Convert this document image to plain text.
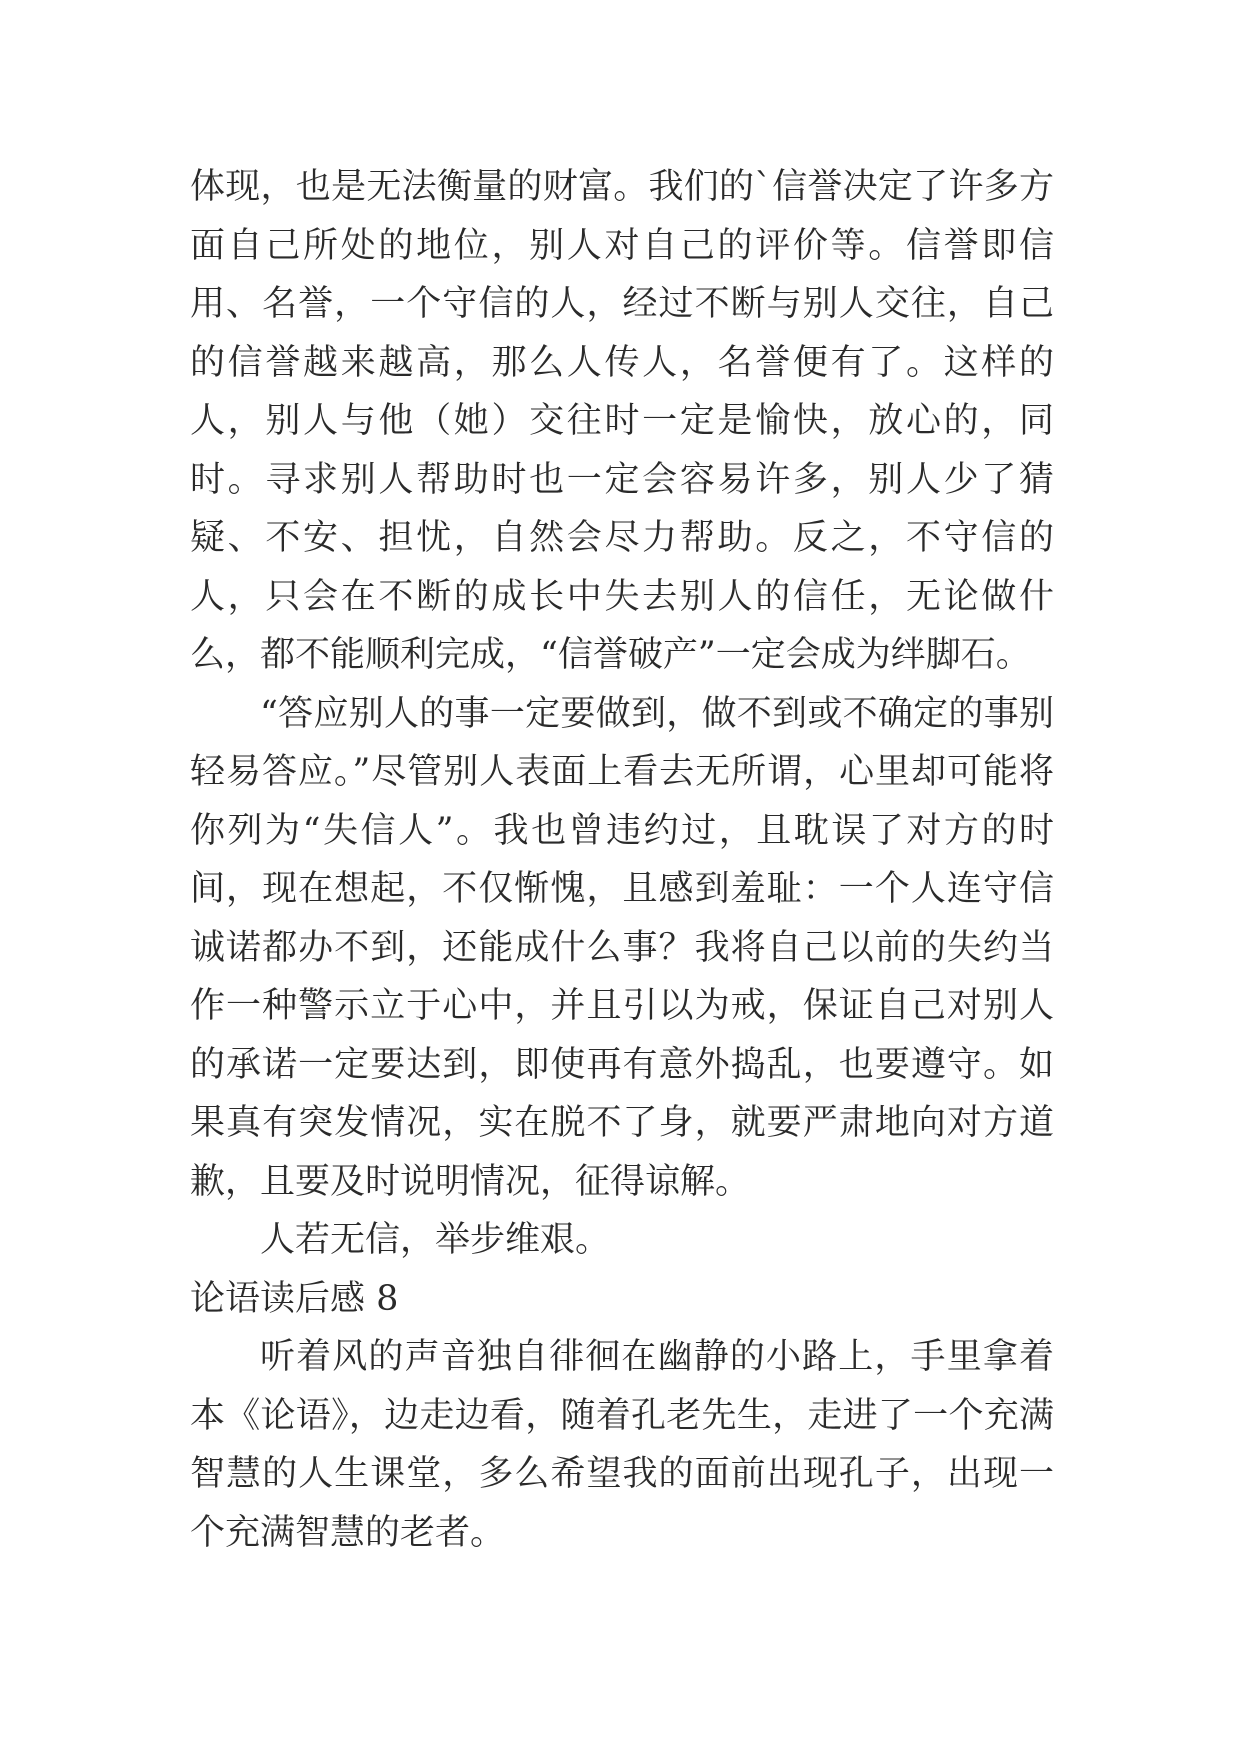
体现，也是无法衡量的财富。我们的`信誉决定了许多方面自己所处的地位，别人对自己的评价等。信誉即信用、名誉，一个守信的人，经过不断与别人交往，自己的信誉越来越高，那么人传人，名誉便有了。这样的人，别人与他（她）交往时一定是愉快，放心的，同时。寻求别人帮助时也一定会容易许多，别人少了猜疑、不安、担忧，自然会尽力帮助。反之，不守信的人，只会在不断的成长中失去别人的信任，无论做什么，都不能顺利完成，“信誉破产”一定会成为绊脚石。

“答应别人的事一定要做到，做不到或不确定的事别轻易答应。”尽管别人表面上看去无所谓，心里却可能将你列为“失信人”。我也曾违约过，且耽误了对方的时间，现在想起，不仅惭愧，且感到羞耻：一个人连守信诚诺都办不到，还能成什么事？我将自己以前的失约当作一种警示立于心中，并且引以为戒，保证自己对别人的承诺一定要达到，即使再有意外捣乱，也要遵守。如果真有突发情况，实在脱不了身，就要严肃地向对方道歉，且要及时说明情况，征得谅解。

人若无信，举步维艰。

论语读后感 8

听着风的声音独自徘徊在幽静的小路上，手里拿着本《论语》，边走边看，随着孔老先生，走进了一个充满智慧的人生课堂，多么希望我的面前出现孔子，出现一个充满智慧的老者。
